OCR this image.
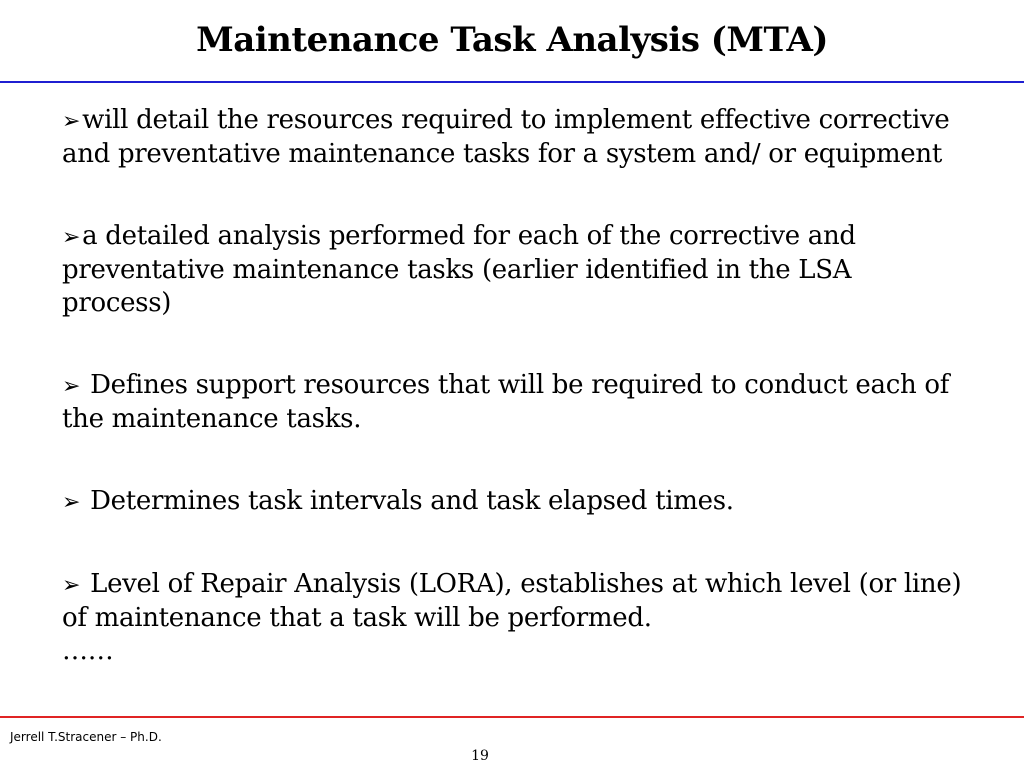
Maintenance Task Analysis (MTA)
➢will detail the resources required to implement effective corrective and preventative maintenance tasks for a system and/ or equipment
➢a detailed analysis performed for each of the corrective and preventative maintenance tasks (earlier identified in the LSA process)
➢ Defines support resources that will be required to conduct each of the maintenance tasks.
➢ Determines task intervals and task elapsed times.
➢ Level of Repair Analysis (LORA), establishes at which level (or line) of maintenance that a task will be performed.
……
Jerrell T.Stracener – Ph.D.
19
